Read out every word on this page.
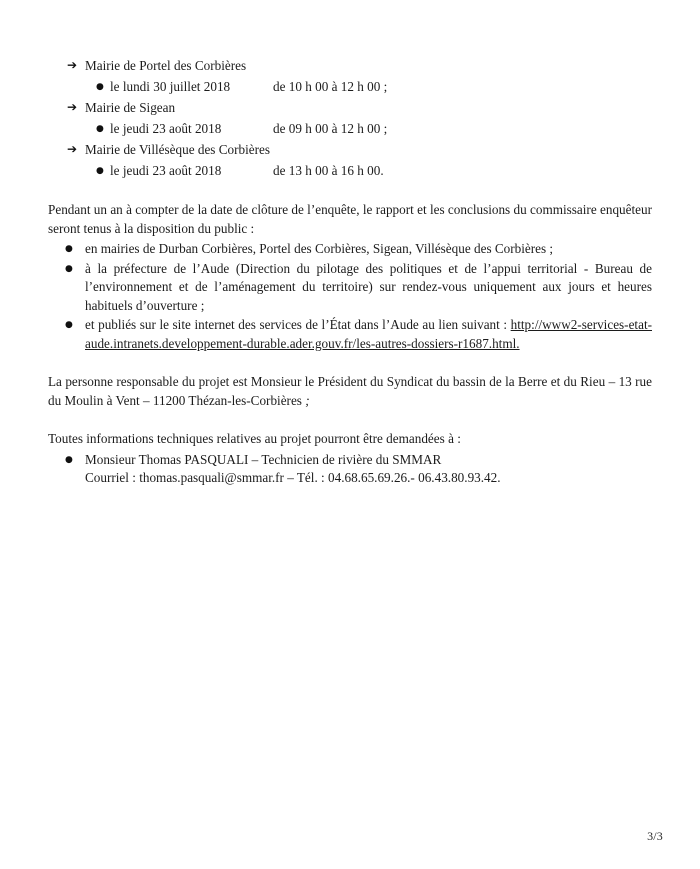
➔ Mairie de Portel des Corbières
● le lundi 30 juillet 2018	de 10 h 00 à 12 h 00 ;
➔ Mairie de Sigean
● le jeudi 23 août 2018	de 09 h 00 à 12 h 00 ;
➔ Mairie de Villésèque des Corbières
● le jeudi 23 août 2018	de 13 h 00 à 16 h 00.

Pendant un an à compter de la date de clôture de l’enquête, le rapport et les conclusions du commissaire enquêteur seront tenus à la disposition du public :

● en mairies de Durban Corbières, Portel des Corbières, Sigean, Villésèque des Corbières ;
● à la préfecture de l’Aude (Direction du pilotage des politiques et de l’appui territorial - Bureau de l’environnement et de l’aménagement du territoire) sur rendez-vous uniquement aux jours et heures habituels d’ouverture ;
● et publiés sur le site internet des services de l’État dans l’Aude au lien suivant : http://www2-services-etat-aude.intranets.developpement-durable.ader.gouv.fr/les-autres-dossiers-r1687.html.

La personne responsable du projet est Monsieur le Président du Syndicat du bassin de la Berre et du Rieu – 13 rue du Moulin à Vent – 11200 Thézan-les-Corbières ;

Toutes informations techniques relatives au projet pourront être demandées à :

● Monsieur Thomas PASQUALI – Technicien de rivière du SMMAR
Courriel : thomas.pasquali@smmar.fr – Tél. : 04.68.65.69.26.- 06.43.80.93.42.
3/3
